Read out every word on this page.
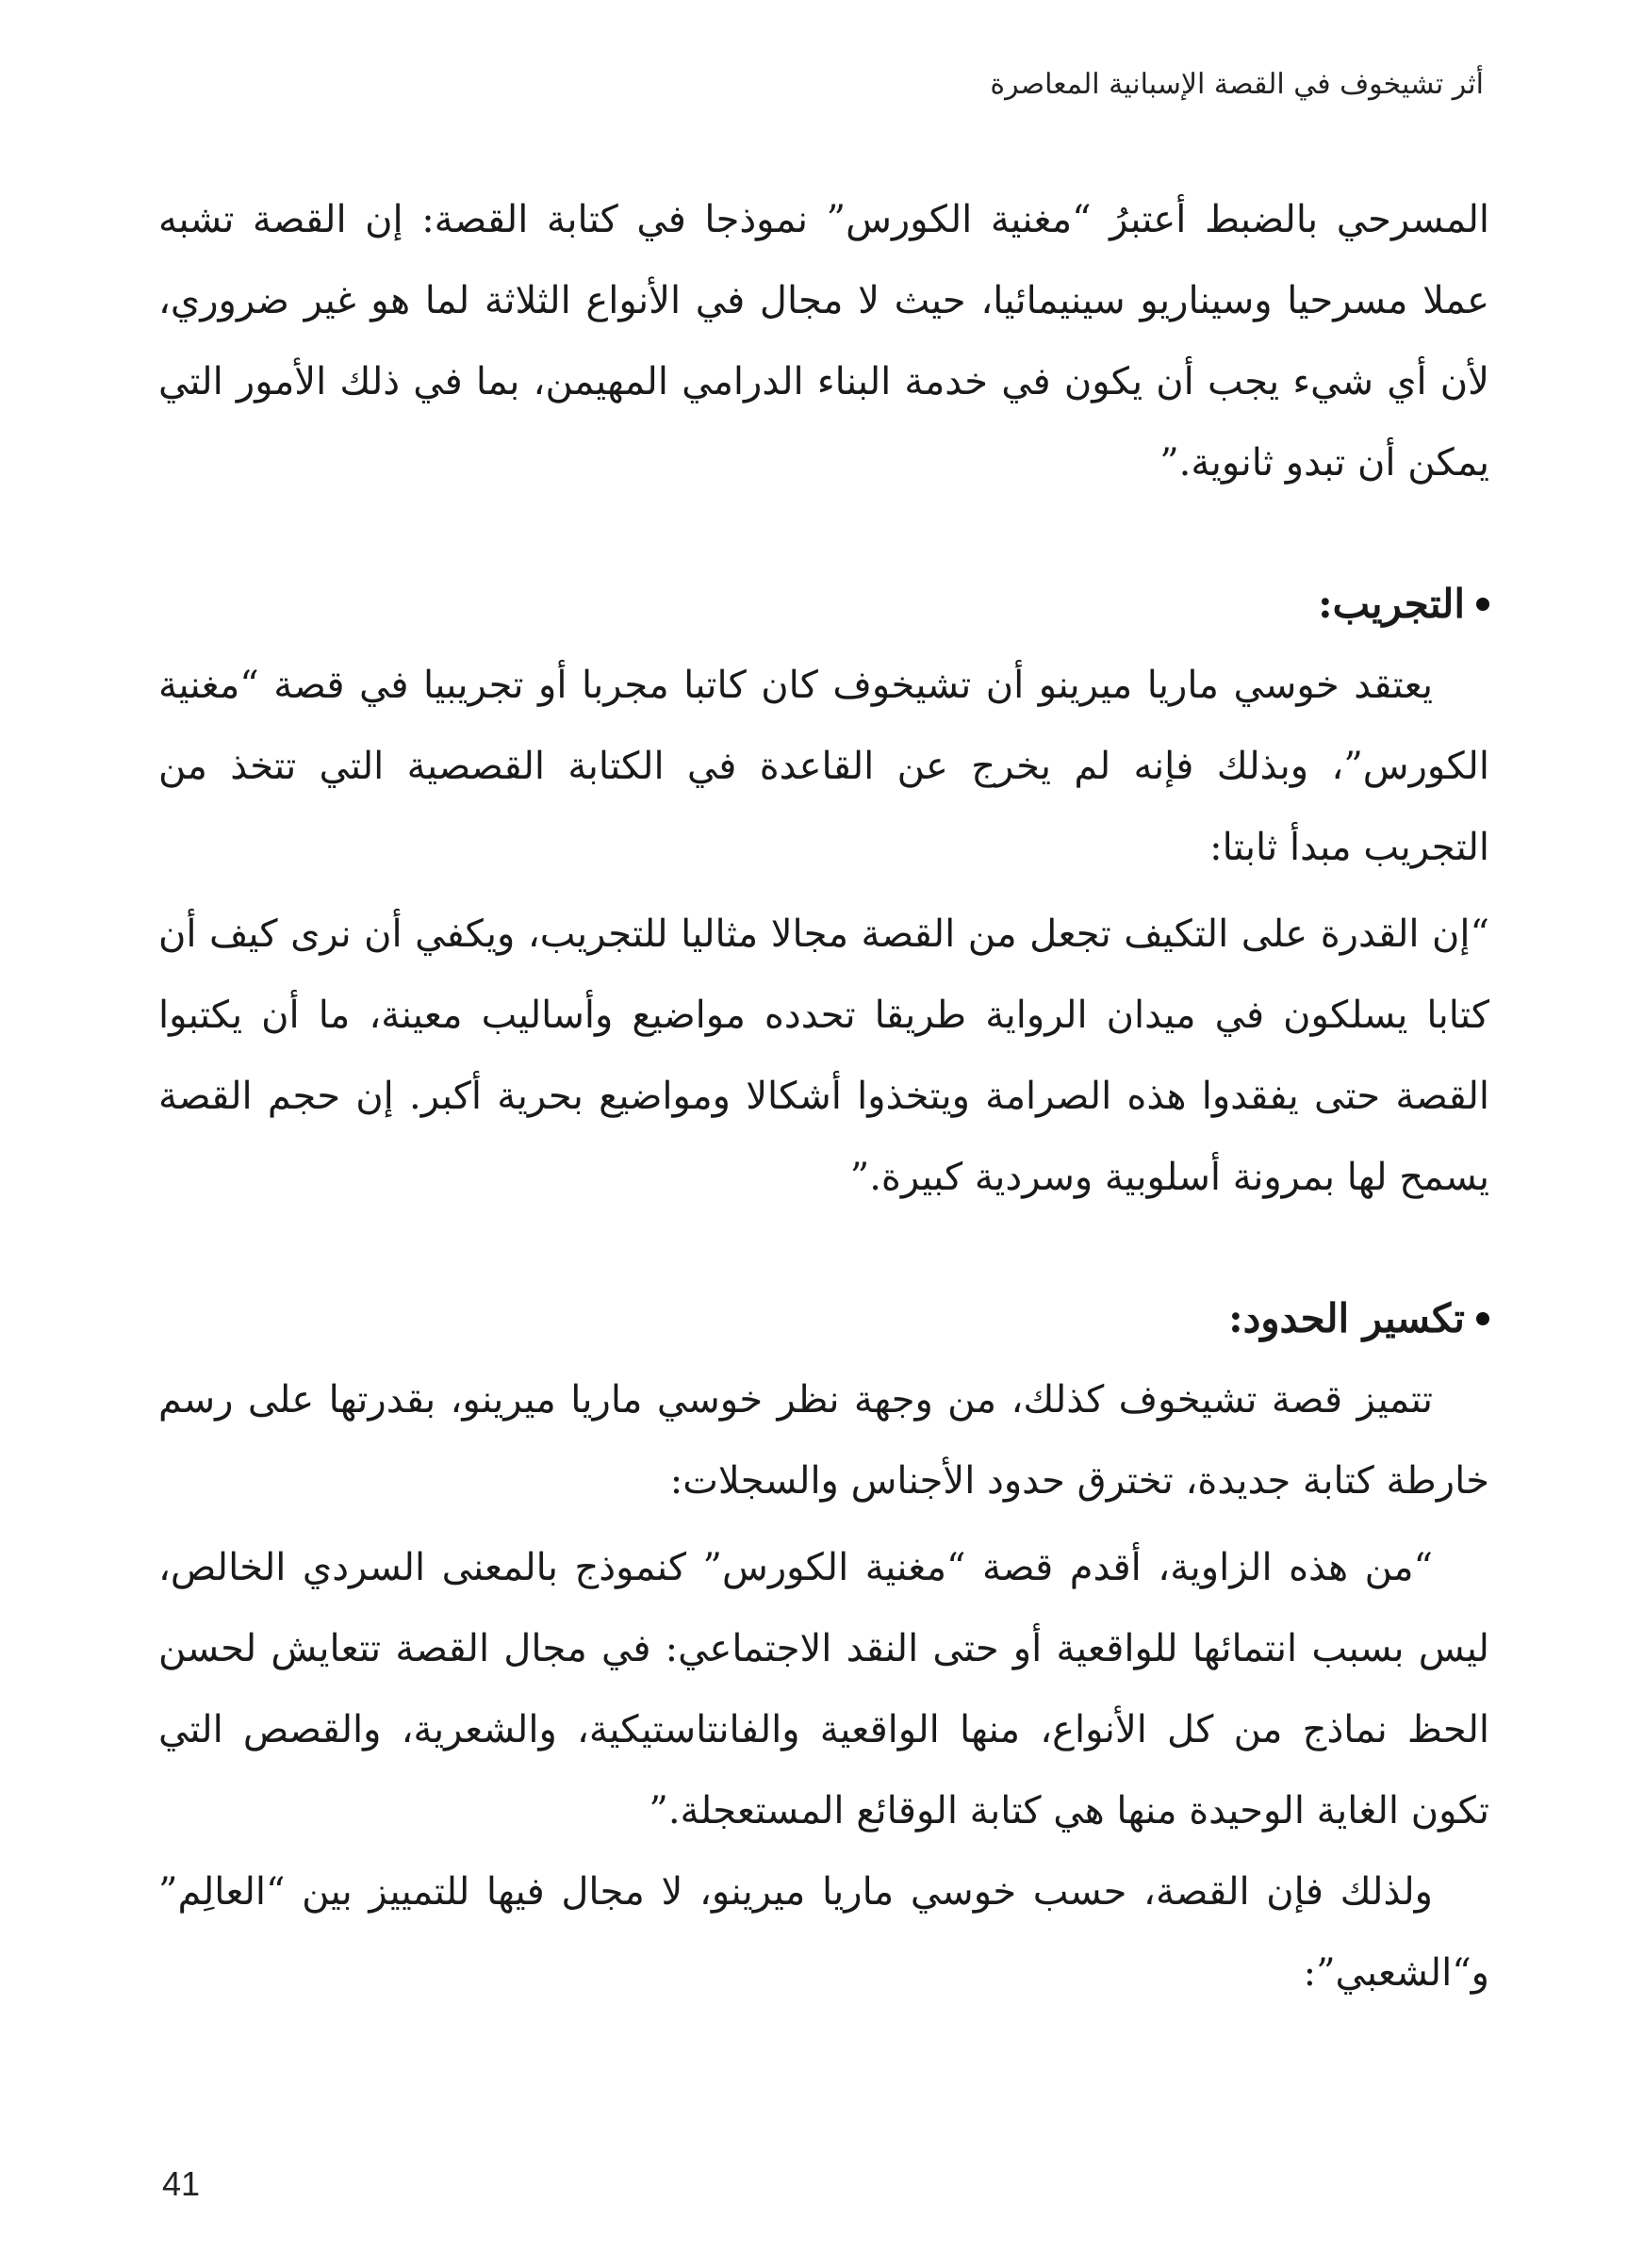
أثر تشيخوف في القصة الإسبانية المعاصرة

المسرحي بالضبط أعتبرُ “مغنية الكورس” نموذجا في كتابة القصة: إن القصة تشبه عملا مسرحيا وسيناريو سينيمائيا، حيث لا مجال في الأنواع الثلاثة لما هو غير ضروري، لأن أي شيء يجب أن يكون في خدمة البناء الدرامي المهيمن، بما في ذلك الأمور التي يمكن أن تبدو ثانوية.”

التجريب:

يعتقد خوسي ماريا ميرينو أن تشيخوف كان كاتبا مجربا أو تجريبيا في قصة “مغنية الكورس”، وبذلك فإنه لم يخرج عن القاعدة في الكتابة القصصية التي تتخذ من التجريب مبدأ ثابتا:

“إن القدرة على التكيف تجعل من القصة مجالا مثاليا للتجريب، ويكفي أن نرى كيف أن كتابا يسلكون في ميدان الرواية طريقا تحدده مواضيع وأساليب معينة، ما أن يكتبوا القصة حتى يفقدوا هذه الصرامة ويتخذوا أشكالا ومواضيع بحرية أكبر. إن حجم القصة يسمح لها بمرونة أسلوبية وسردية كبيرة.”

تكسير الحدود:

تتميز قصة تشيخوف كذلك، من وجهة نظر خوسي ماريا ميرينو، بقدرتها على رسم خارطة كتابة جديدة، تخترق حدود الأجناس والسجلات:

“من هذه الزاوية، أقدم قصة “مغنية الكورس” كنموذج بالمعنى السردي الخالص، ليس بسبب انتمائها للواقعية أو حتى النقد الاجتماعي: في مجال القصة تتعايش لحسن الحظ نماذج من كل الأنواع، منها الواقعية والفانتاستيكية، والشعرية، والقصص التي تكون الغاية الوحيدة منها هي كتابة الوقائع المستعجلة.”

ولذلك فإن القصة، حسب خوسي ماريا ميرينو، لا مجال فيها للتمييز بين “العالِم” و“الشعبي”:

41
